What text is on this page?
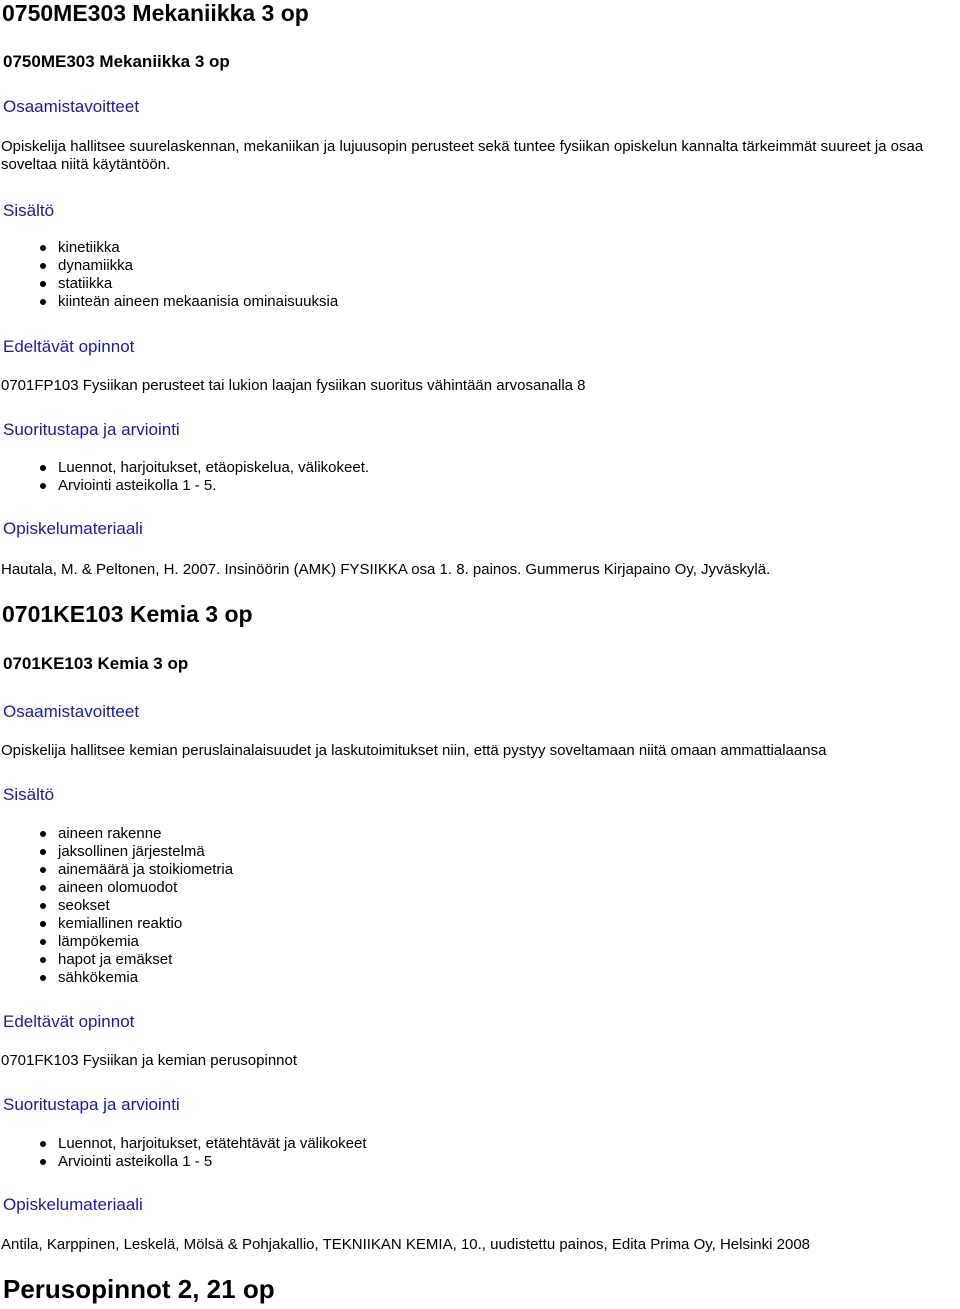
0750ME303 Mekaniikka 3 op
0750ME303 Mekaniikka 3 op
Osaamistavoitteet
Opiskelija hallitsee suurelaskennan, mekaniikan ja lujuusopin perusteet sekä tuntee fysiikan opiskelun kannalta tärkeimmät suureet ja osaa soveltaa niitä käytäntöön.
Sisältö
kinetiikka
dynamiikka
statiikka
kiinteän aineen mekaanisia ominaisuuksia
Edeltävät opinnot
0701FP103 Fysiikan perusteet tai lukion laajan fysiikan suoritus vähintään arvosanalla 8
Suoritustapa ja arviointi
Luennot, harjoitukset, etäopiskelua, välikokeet.
Arviointi asteikolla 1 - 5.
Opiskelumateriaali
Hautala, M. & Peltonen, H. 2007. Insinöörin (AMK) FYSIIKKA osa 1. 8. painos. Gummerus Kirjapaino Oy, Jyväskylä.
0701KE103 Kemia 3 op
0701KE103 Kemia 3 op
Osaamistavoitteet
Opiskelija hallitsee kemian peruslainalaisuudet ja laskutoimitukset niin, että pystyy soveltamaan niitä omaan ammattialaansa
Sisältö
aineen rakenne
jaksollinen järjestelmä
ainemäärä ja stoikiometria
aineen olomuodot
seokset
kemiallinen reaktio
lämpökemia
hapot ja emäkset
sähkökemia
Edeltävät opinnot
0701FK103 Fysiikan ja kemian perusopinnot
Suoritustapa ja arviointi
Luennot, harjoitukset, etätehtävät ja välikokeet
Arviointi asteikolla 1 - 5
Opiskelumateriaali
Antila, Karppinen, Leskelä, Mölsä & Pohjakallio, TEKNIIKAN KEMIA, 10., uudistettu painos, Edita Prima Oy, Helsinki 2008
Perusopinnot 2, 21 op
